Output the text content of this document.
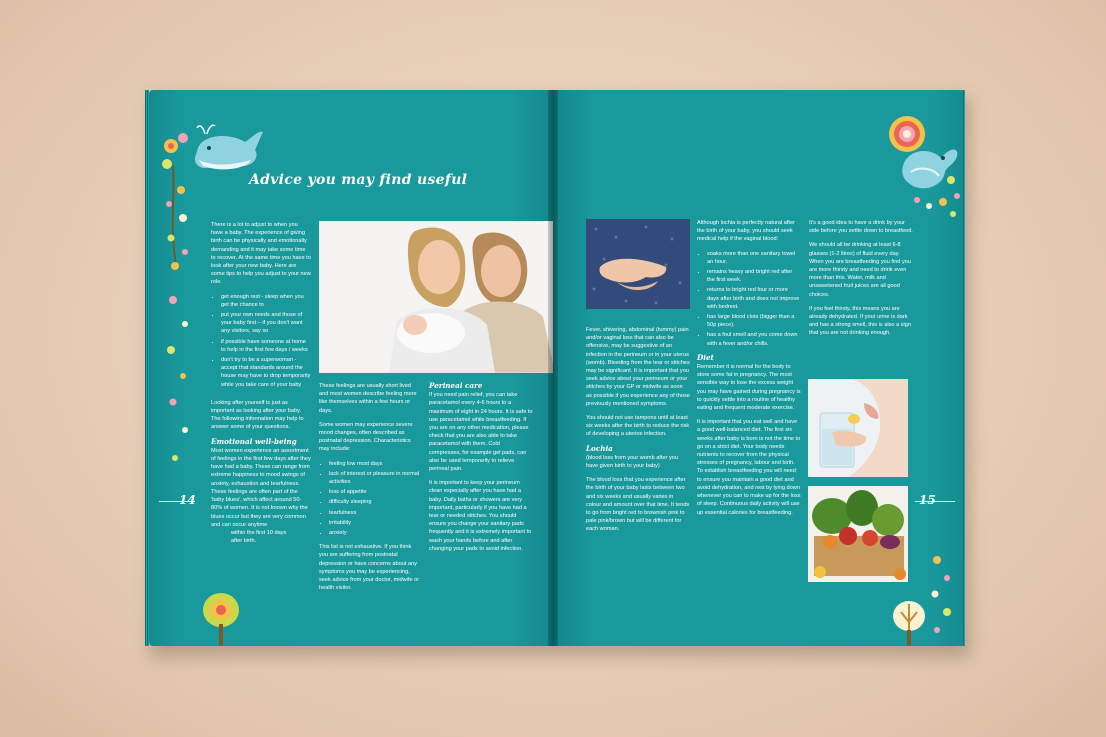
Advice you may find useful

There is a lot to adjust to when you have a baby. The experience of giving birth can be physically and emotionally demanding and it may take some time to recover. At the same time you have to look after your new baby. Here are some tips to help you adjust to your new role.

• get enough rest - sleep when you get the chance to
• put your own needs and those of your baby first – if you don't want any visitors, say so
• if possible have someone at home to help in the first few days / weeks
• don't try to be a superwoman - accept that standards around the house may have to drop temporarily while you take care of your baby

Looking after yourself is just as important as looking after your baby. The following information may help to answer some of your questions.

Emotional well-being

Most women experience an assortment of feelings in the first few days after they have had a baby. These can range from extreme happiness to mood swings of anxiety, exhaustion and tearfulness. These feelings are often part of the 'baby blues', which affect around 50-80% of women. It is not known why the blues occur but they are very common and can occur anytime

within the first 10 days after birth.

These feelings are usually short lived and most women describe feeling more like themselves within a few hours or days.

Some women may experience severe mood changes, often described as postnatal depression. Characteristics may include:

• feeling low most days
• lack of interest or pleasure in normal activities
• loss of appetite
• difficulty sleeping
• tearfulness
• irritability
• anxiety

This list is not exhaustive. If you think you are suffering from postnatal depression or have concerns about any symptoms you may be experiencing, seek advice from your doctor, midwife or health visitor.

Perineal care

If you need pain relief, you can take paracetamol every 4-6 hours to a maximum of eight in 24 hours. It is safe to use paracetamol while breastfeeding. If you are on any other medication, please check that you are also able to take paracetamol with them. Cold compresses, for example gel pads, can also be used temporarily to relieve perineal pain.

It is important to keep your perineum clean especially after you have had a baby. Daily baths or showers are very important, particularly if you have had a tear or needed stitches. You should ensure you change your sanitary pads frequently and it is extremely important to wash your hands before and after changing your pads to avoid infection.

14

Fever, shivering, abdominal (tummy) pain and/or vaginal loss that can also be offensive, may be suggestive of an infection in the perineum or in your uterus (womb). Bleeding from the tear or stitches may be significant. It is important that you seek advice about your perineum or your stitches by your GP or midwife as soon as possible if you experience any of those previously mentioned symptoms.

You should not use tampons until at least six weeks after the birth to reduce the risk of developing a uterine infection.

Lochia

(blood loss from your womb after you have given birth to your baby)

The blood loss that you experience after the birth of your baby lasts between two and six weeks and usually varies in colour and amount over that time. It tends to go from bright red to brownish pink to pale pink/brown but will be different for each woman.

Although lochia is perfectly natural after the birth of your baby, you should seek medical help if the vaginal blood:

• soaks more than one sanitary towel an hour.
• remains heavy and bright red after the first week.
• returns to bright red four or more days after birth and does not improve with bedrest.
• has large blood clots (bigger than a 50p piece).
• has a foul smell and you come down with a fever and/or chills.
Diet

Remember it is normal for the body to store some fat in pregnancy. The most sensible way to lose the excess weight you may have gained during pregnancy is to quickly settle into a routine of healthy eating and frequent moderate exercise.

It is important that you eat well and have a good well-balanced diet. The first six weeks after baby is born is not the time to go on a strict diet. Your body needs nutrients to recover from the physical stresses of pregnancy, labour and birth. To establish breastfeeding you will need to ensure you maintain a good diet and avoid dehydration, and rest by lying down whenever you can to make up for the loss of sleep. Continuous daily activity will use up essential calories for breastfeeding.

It's a good idea to have a drink by your side before you settle down to breastfeed.

We should all be drinking at least 6-8 glasses (1-2 litres) of fluid every day. When you are breastfeeding you find you are more thirsty and need to drink even more than this. Water, milk and unsweetened fruit juices are all good choices.

If you feel thirsty, this means you are already dehydrated. If your urine is dark and has a strong smell, this is also a sign that you are not drinking enough.

15
